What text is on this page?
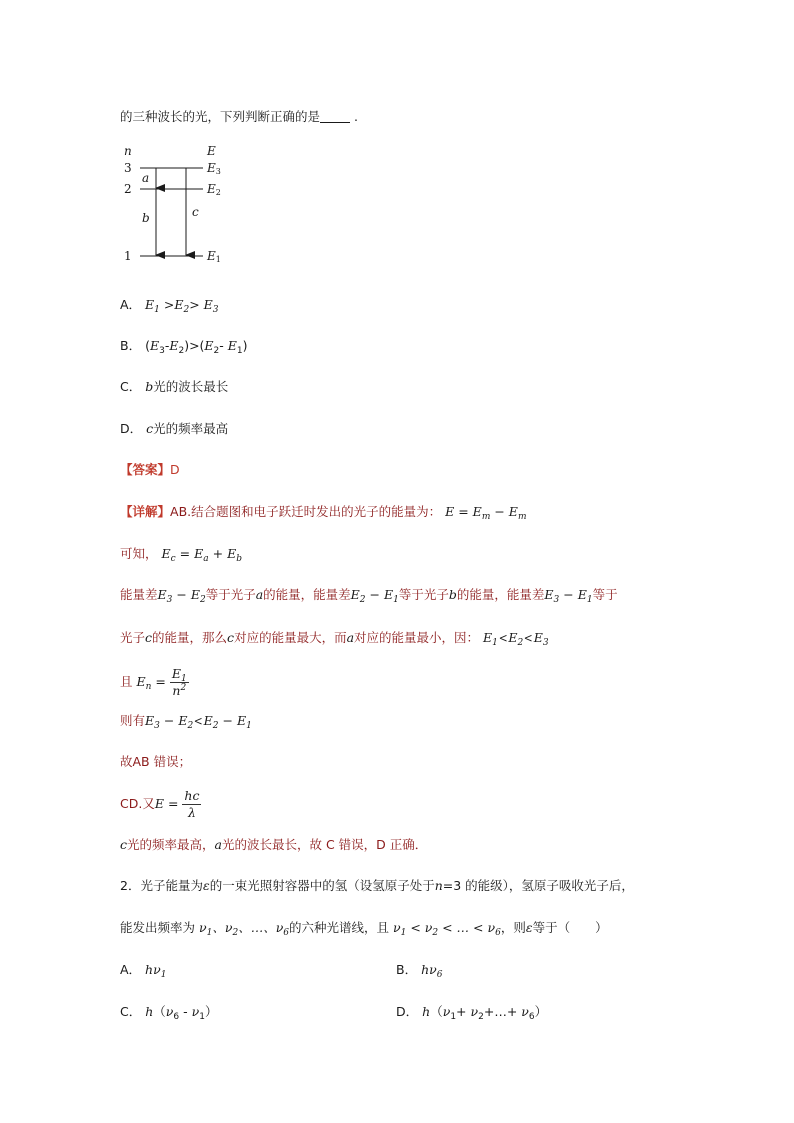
的三种波长的光，下列判断正确的是	.
n	E
3
2
1
E3
E2
E1
a
b	c
A． $E_1 >E_2> E_3$
B． $(E_3-E_2)>(E_2-$ $E_1$)
C． b光的波长最长
D． c光的频率最高
【答案】D
【详解】AB.结合题图和电子跃迁时发出的光子的能量为： $E = E_m - E_m$
可知， $E_c = E_a + E_b$
能量差$E_3 - E_2$等于光子a的能量，能量差$E_2 - E_1$等于光子b的能量，能量差$E_3 - E_1$等于
光子c的能量，那么c对应的能量最大，而a对应的能量最小，因： $E_1<E_2<E_3$
且 $E_n = \frac{E_1}{n^2}$
则有$E_3 - E_2<E_2 - E_1$
故AB 错误；
CD.又$E = \frac{hc}{\lambda}$
c光的频率最高，a光的波长最长，故 C 错误，D 正确．
2．光子能量为ε的一束光照射容器中的氢（设氢原子处于n=3 的能级），氢原子吸收光子后，
能发出频率为 $\nu_1$、$\nu_2$、…、$\nu_6$的六种光谱线，且 $\nu_1 < \nu_2$ < … < $\nu_6$，则ε等于（　　）
A． $h\nu_1$	B． $h\nu_6$
C． $h(\nu_6 - \nu_1)$	D． $h(\nu_1+$ $\nu_2+\dots+ \nu_6$）
